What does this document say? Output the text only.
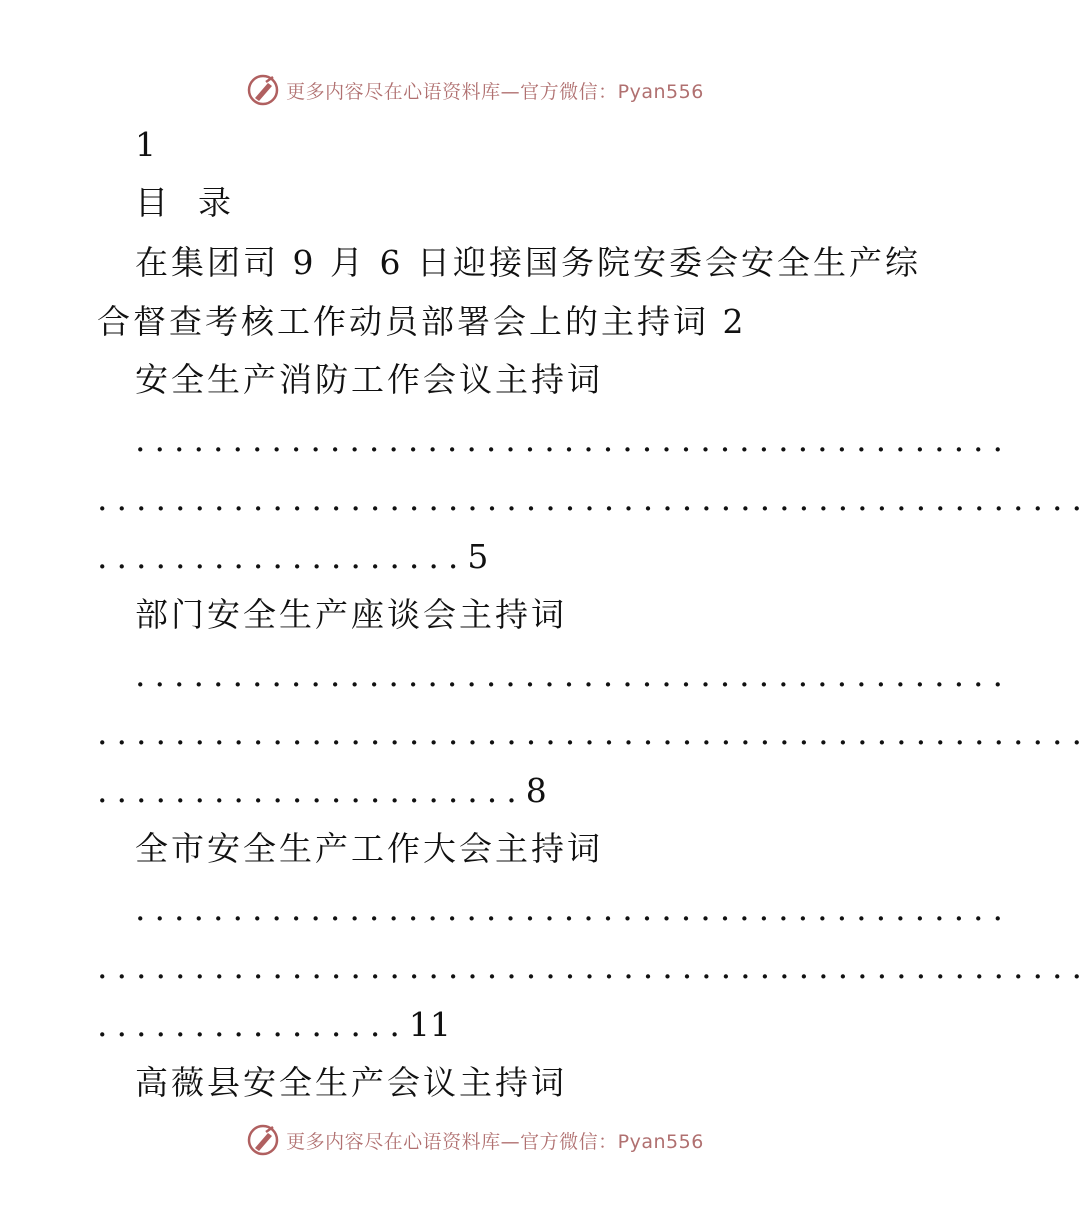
更多内容尽在心语资料库—官方微信：Pyan556
1
目  录
在集团司 9 月 6 日迎接国务院安委会安全生产综
合督查考核工作动员部署会上的主持词 2
安全生产消防工作会议主持词
.............................................
...................................................
...................5
部门安全生产座谈会主持词
.............................................
...................................................
......................8
全市安全生产工作大会主持词
.............................................
...................................................
................11
高薇县安全生产会议主持词
更多内容尽在心语资料库—官方微信：Pyan556
